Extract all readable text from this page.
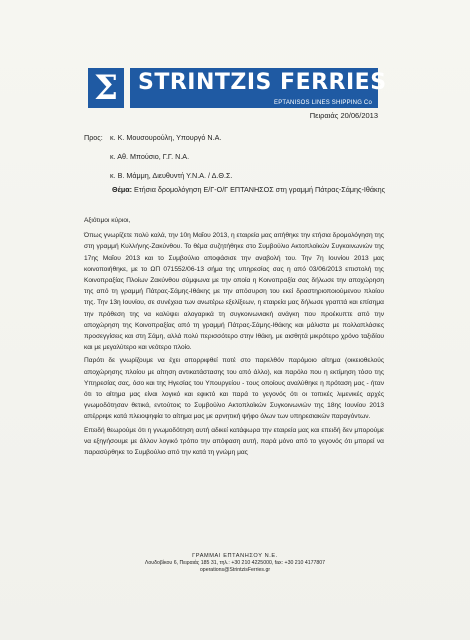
Σ STRINTZIS FERRIES
EPTANISOS LINES SHIPPING Co
Πειραιάς 20/06/2013
Προς:	κ. Κ. Μουσουρούλη, Υπουργό Ν.Α.
κ. Αθ. Μπούσιο, Γ.Γ. Ν.Α.
κ. Β. Μάμμη, Διευθυντή Υ.Ν.Α. / Δ.Θ.Σ.
Θέμα: Ετήσια δρομολόγηση Ε/Γ-Ο/Γ ΕΠΤΑΝΗΣΟΣ στη γραμμή Πάτρας-Σάμης-Ιθάκης

Αξιότιμοι κύριοι,

Όπως γνωρίζετε πολύ καλά, την 10η Μαΐου 2013, η εταιρεία μας αιτήθηκε την ετήσια δρομολόγηση της στη γραμμή Κυλλήνης-Ζακύνθου. Το θέμα συζητήθηκε στο Συμβούλιο Ακτοπλοϊκών Συγκοινωνιών της 17ης Μαΐου 2013 και το Συμβούλιο αποφάσισε την αναβολή του. Την 7η Ιουνίου 2013 μας κοινοποιήθηκε, με το ΩΠ 071552/06-13 σήμα της υπηρεσίας σας η από 03/06/2013 επιστολή της Κοινοπραξίας Πλοίων Ζακύνθου σύμφωνα με την οποία η Κοινοπραξία σας δήλωσε την αποχώρηση της από τη γραμμή Πάτρας-Σάμης-Ιθάκης με την απόσυρση του εκεί δραστηριοποιούμενου πλοίου της. Την 13η Ιουνίου, σε συνέχεια των ανωτέρω εξελίξεων, η εταιρεία μας δήλωσε γραπτά και επίσημα την πρόθεση της να καλύψει αλογαρικά τη συγκοινωνιακή ανάγκη που προέκυπτε από την αποχώρηση της Κοινοπραξίας από τη γραμμή Πάτρας-Σάμης-Ιθάκης και μάλιστα με πολλαπλάσιες προσεγγίσεις και στη Σάμη, αλλά πολύ περισσότερο στην Ιθάκη, με αισθητά μικρότερο χρόνο ταξιδίου και με μεγαλύτερο και νεότερο πλοίο.

Παρότι δε γνωρίζουμε να έχει απορριφθεί ποτέ στο παρελθόν παρόμοιο αίτημα (οικειοθελούς αποχώρησης πλοίου με αίτηση αντικατάστασης του από άλλο), και παρόλο που η εκτίμηση τόσο της Υπηρεσίας σας, όσο και της Ηγεσίας του Υπουργείου - τους οποίους αναλύθηκε η πρόταση μας - ήταν ότι το αίτημα μας είναι λογικό και εφικτό και παρά το γεγονός ότι οι τοπικές λιμενικές αρχές γνωμοδότησαν θετικά, εντούτοις το Συμβούλιο Ακτοπλοϊκών Συγκοινωνιών της 18ης Ιουνίου 2013 απέρριψε κατά πλειοψηφία το αίτημα μας με αρνητική ψήφο όλων των υπηρεσιακών παραγόντων.

Επειδή θεωρούμε ότι η γνωμοδότηση αυτή αδικεί κατάφωρα την εταιρεία μας και επειδή δεν μπορούμε να εξηγήσουμε με άλλον λογικό τρόπο την απόφαση αυτή, παρά μόνο από το γεγονός ότι μπορεί να παρασύρθηκε το Συμβούλιο από την κατά τη γνώμη μας

ΓΡΑΜΜΑΙ ΕΠΤΑΝΗΣΟΥ Ν.Ε.
Λουδοβίκου 6, Πειραιάς 185 31, τηλ.: +30 210 4225000, fax: +30 210 4177807
operations@StrintzisFerries.gr
